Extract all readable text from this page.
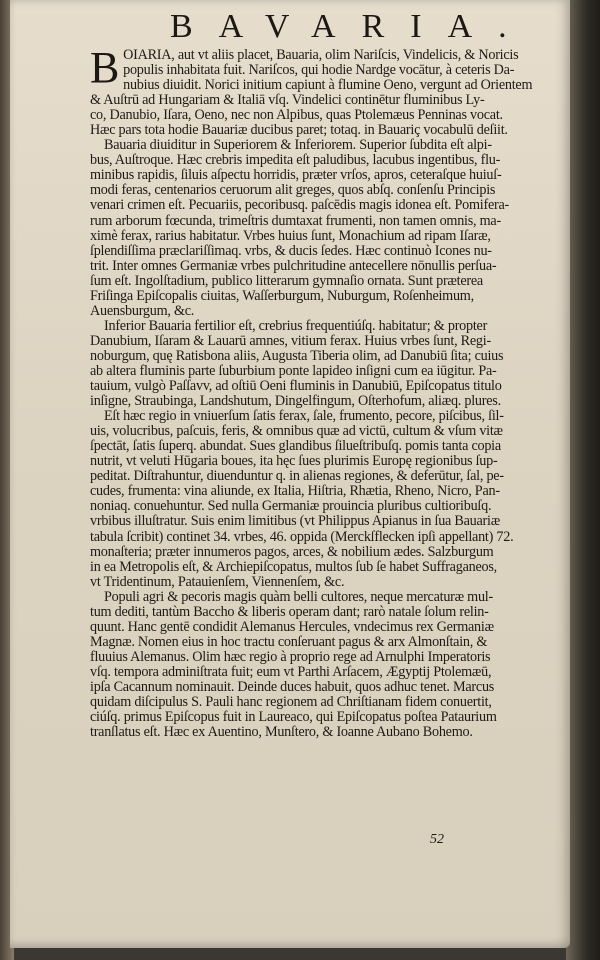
BAVARIA.
B OIARIA, aut vt aliis placet, Bauaria, olim Nariſcis, Vindelicis, & Noricis
populis inhabitata fuit. Nariſcos, qui hodie Nardge vocātur, à ceteris Da-
nubius diuidit. Norici initium capiunt à flumine Oeno, vergunt ad Orientem
& Auſtrū ad Hungariam & Italiā vſq. Vindelici continētur fluminibus Ly-
co, Danubio, Iſara, Oeno, nec non Alpibus, quas Ptolemæus Penninas vocat.
Hæc pars tota hodie Bauariæ ducibus paret; totaq. in Bauariç vocabulū deſiit.
Bauaria diuiditur in Superiorem & Inferiorem. Superior ſubdita eſt alpi-
bus, Auſtroque. Hæc crebris impedita eſt paludibus, lacubus ingentibus, flu-
minibus rapidis, ſiluis aſpectu horridis, præter vrſos, apros, ceteraſque huiuſ-
modi feras, centenarios ceruorum alit greges, quos abſq. conſenſu Principis
venari crimen eſt. Pecuariis, pecoribusq. paſcēdis magis idonea eſt. Pomifera-
rum arborum fœcunda, trimeſtris dumtaxat frumenti, non tamen omnis, ma-
ximè ferax, rarius habitatur. Vrbes huius ſunt, Monachium ad ripam Iſaræ,
ſplendiſſima præclariſſimaq. vrbs, & ducis ſedes. Hæc continuò Icones nu-
trit. Inter omnes Germaniæ vrbes pulchritudine antecellere nōnullis perſua-
ſum eſt. Ingolſtadium, publico litterarum gymnaſio ornata. Sunt præterea
Friſinga Epiſcopalis ciuitas, Waſſerburgum, Nuburgum, Roſenheimum,
Auensburgum, &c.
Inferior Bauaria fertilior eſt, crebrius frequentiúſq. habitatur; & propter
Danubium, Iſaram & Lauarū amnes, vitium ferax. Huius vrbes ſunt, Regi-
noburgum, quę Ratisbona aliis, Augusta Tiberia olim, ad Danubiū ſita; cuius
ab altera fluminis parte ſuburbium ponte lapideo inſigni cum ea iūgitur. Pa-
tauium, vulgò Paſſavv, ad oſtiū Oeni fluminis in Danubiū, Epiſcopatus titulo
inſigne, Straubinga, Landshutum, Dingelfingum, Oſterhofum, aliæq. plures.
Eſt hæc regio in vniuerſum ſatis ferax, ſale, frumento, pecore, piſcibus, ſil-
uis, volucribus, paſcuis, feris, & omnibus quæ ad victū, cultum & vſum vitæ
ſpectāt, ſatis ſuperq. abundat. Sues glandibus ſilueſtribuſq. pomis tanta copia
nutrit, vt veluti Hūgaria boues, ita hęc ſues plurimis Europę regionibus ſup-
peditat. Diſtrahuntur, diuenduntur q. in alienas regiones, & deferūtur, ſal, pe-
cudes, frumenta: vina aliunde, ex Italia, Hiſtria, Rhætia, Rheno, Nicro, Pan-
noniaq. conuehuntur. Sed nulla Germaniæ prouincia pluribus cultioribuſq.
vrbibus illuſtratur. Suis enim limitibus (vt Philippus Apianus in ſua Bauariæ
tabula ſcribit) continet 34. vrbes, 46. oppida (Merckſflecken ipſi appellant) 72.
monaſteria; præter innumeros pagos, arces, & nobilium ædes. Salzburgum
in ea Metropolis eſt, & Archiepiſcopatus, multos ſub ſe habet Suffraganeos,
vt Tridentinum, Patauienſem, Viennenſem, &c.
Populi agri & pecoris magis quàm belli cultores, neque mercaturæ mul-
tum dediti, tantùm Baccho & liberis operam dant; rarò natale ſolum relin-
quunt. Hanc gentē condidit Alemanus Hercules, vndecimus rex Germaniæ
Magnæ. Nomen eius in hoc tractu conſeruant pagus & arx Almonſtain, &
fluuius Alemanus. Olim hæc regio à proprio rege ad Arnulphi Imperatoris
vſq. tempora adminiſtrata fuit; eum vt Parthi Arſacem, Ægyptij Ptolemæū,
ipſa Cacannum nominauit. Deinde duces habuit, quos adhuc tenet. Marcus
quidam diſcipulus S. Pauli hanc regionem ad Chriſtianam fidem conuertit,
ciúſq. primus Epiſcopus fuit in Laureaco, qui Epiſcopatus poſtea Pataurium
tranſlatus eſt. Hæc ex Auentino, Munſtero, & Ioanne Aubano Bohemo.
52
